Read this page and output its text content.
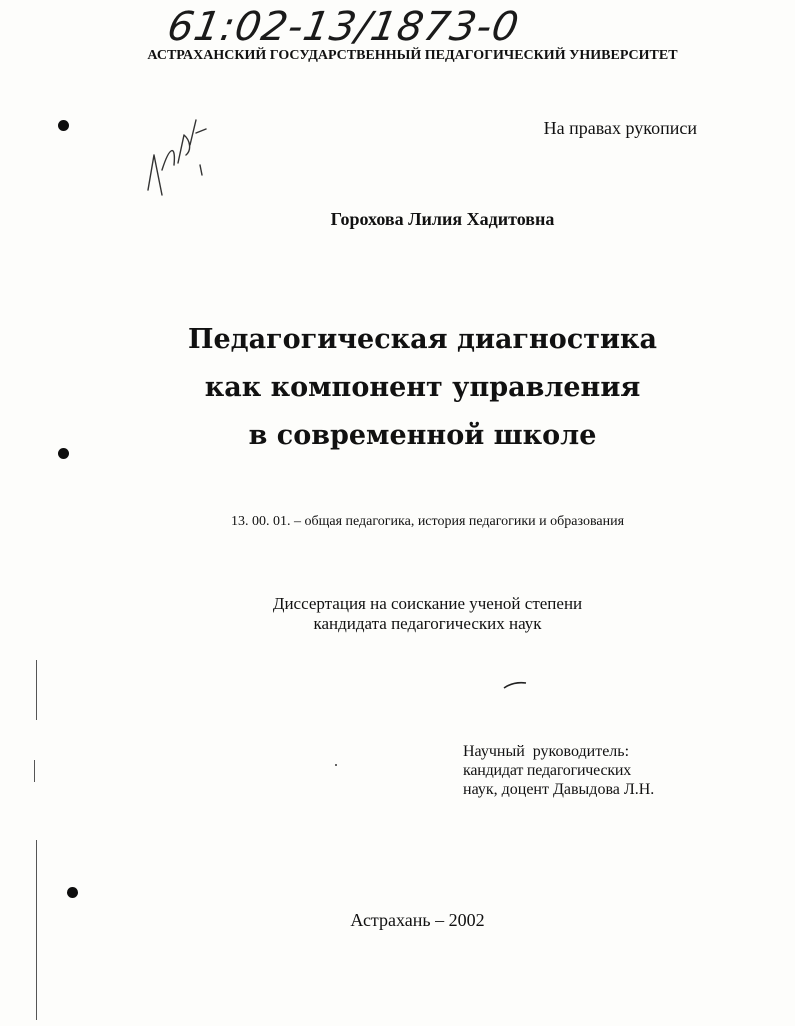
61:02-13/1873-0
АСТРАХАНСКИЙ ГОСУДАРСТВЕННЫЙ ПЕДАГОГИЧЕСКИЙ УНИВЕРСИТЕТ
На правах рукописи
Горохова Лилия Хадитовна
Педагогическая диагностика
как компонент управления
в современной школе
13. 00. 01. – общая педагогика, история педагогики и образования
Диссертация на соискание ученой степени
кандидата педагогических наук
Научный  руководитель:
кандидат педагогических
наук, доцент Давыдова Л.Н.
Астрахань – 2002
